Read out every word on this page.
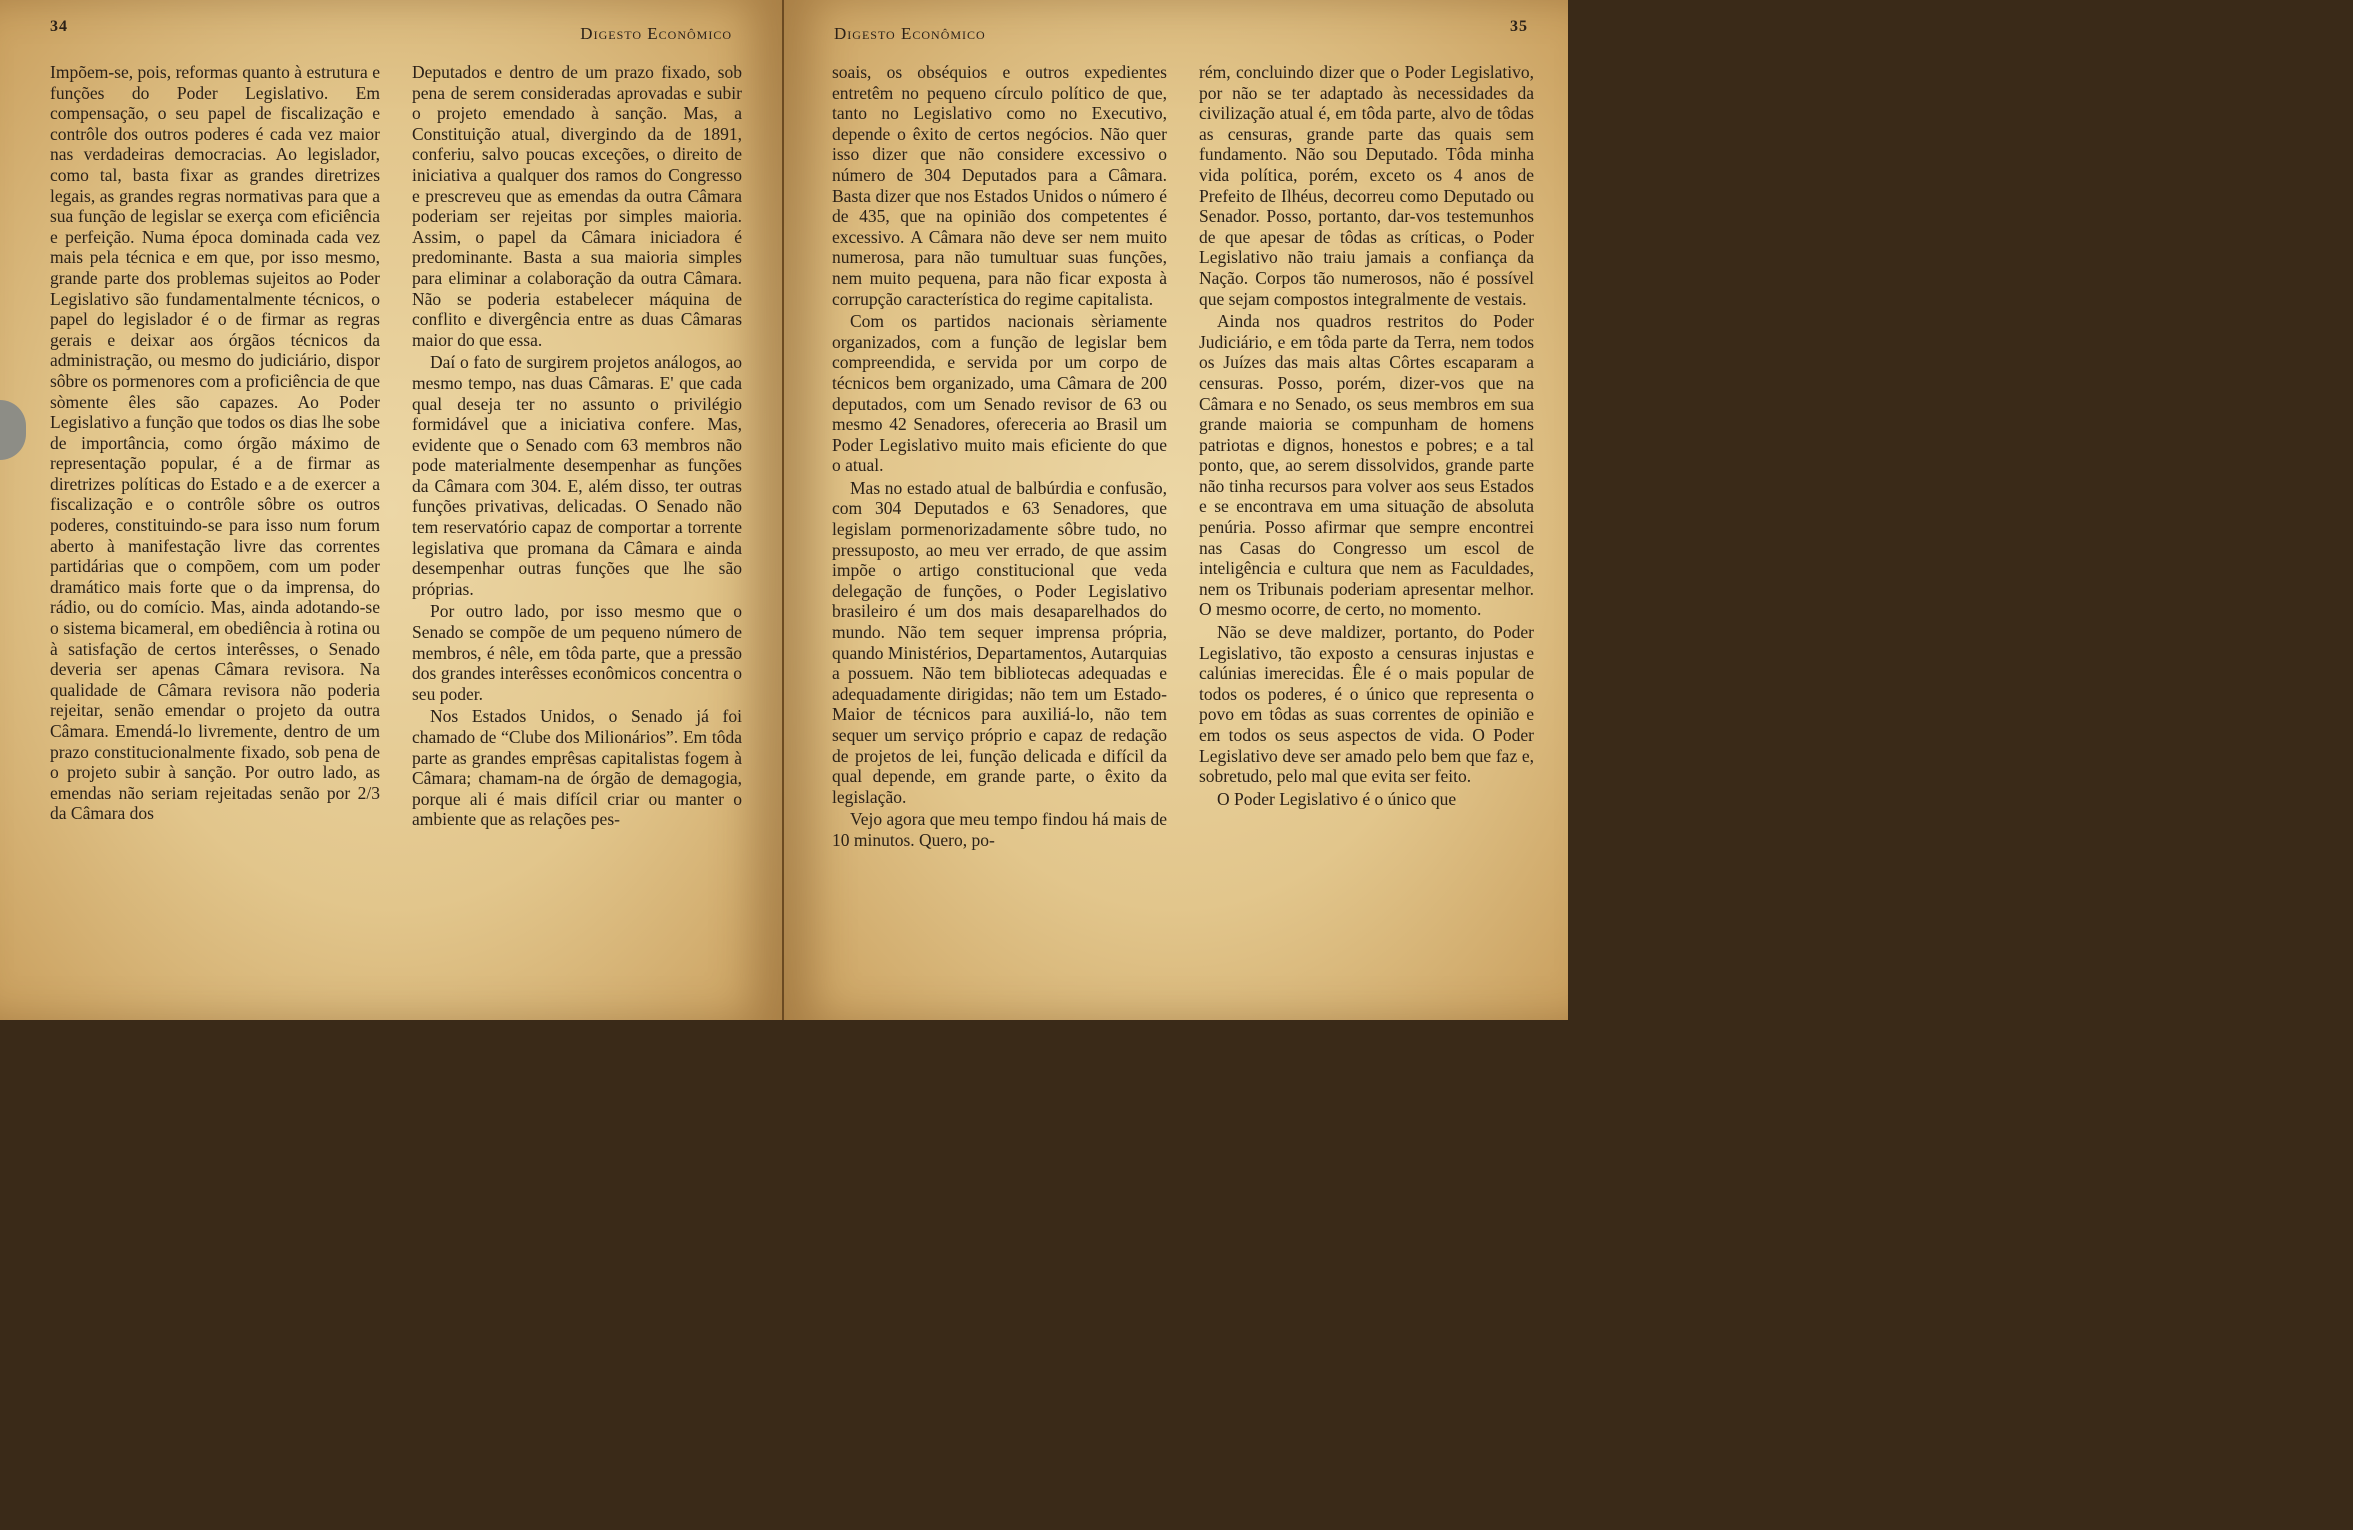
34	Digesto Econômico

Impõem-se, pois, reformas quanto à estrutura e funções do Poder Legislativo. Em compensação, o seu papel de fiscalização e contrôle dos outros poderes é cada vez maior nas verdadeiras democracias. Ao legislador, como tal, basta fixar as grandes diretrizes legais, as grandes regras normativas para que a sua função de legislar se exerça com eficiência e perfeição. Numa época dominada cada vez mais pela técnica e em que, por isso mesmo, grande parte dos problemas sujeitos ao Poder Legislativo são fundamentalmente técnicos, o papel do legislador é o de firmar as regras gerais e deixar aos órgãos técnicos da administração, ou mesmo do judiciário, dispor sôbre os pormenores com a proficiência de que sòmente êles são capazes. Ao Poder Legislativo a função que todos os dias lhe sobe de importância, como órgão máximo de representação popular, é a de firmar as diretrizes políticas do Estado e a de exercer a fiscalização e o contrôle sôbre os outros poderes, constituindo-se para isso num forum aberto à manifestação livre das correntes partidárias que o compõem, com um poder dramático mais forte que o da imprensa, do rádio, ou do comício. Mas, ainda adotando-se o sistema bicameral, em obediência à rotina ou à satisfação de certos interêsses, o Senado deveria ser apenas Câmara revisora. Na qualidade de Câmara revisora não poderia rejeitar, senão emendar o projeto da outra Câmara. Emendá-lo livremente, dentro de um prazo constitucionalmente fixado, sob pena de o projeto subir à sanção. Por outro lado, as emendas não seriam rejeitadas senão por 2/3 da Câmara dos

Deputados e dentro de um prazo fixado, sob pena de serem consideradas aprovadas e subir o projeto emendado à sanção. Mas, a Constituição atual, divergindo da de 1891, conferiu, salvo poucas exceções, o direito de iniciativa a qualquer dos ramos do Congresso e prescreveu que as emendas da outra Câmara poderiam ser rejeitas por simples maioria. Assim, o papel da Câmara iniciadora é predominante. Basta a sua maioria simples para eliminar a colaboração da outra Câmara. Não se poderia estabelecer máquina de conflito e divergência entre as duas Câmaras maior do que essa.

Daí o fato de surgirem projetos análogos, ao mesmo tempo, nas duas Câmaras. E' que cada qual deseja ter no assunto o privilégio formidável que a iniciativa confere. Mas, evidente que o Senado com 63 membros não pode materialmente desempenhar as funções da Câmara com 304. E, além disso, ter outras funções privativas, delicadas. O Senado não tem reservatório capaz de comportar a torrente legislativa que promana da Câmara e ainda desempenhar outras funções que lhe são próprias.

Por outro lado, por isso mesmo que o Senado se compõe de um pequeno número de membros, é nêle, em tôda parte, que a pressão dos grandes interêsses econômicos concentra o seu poder.

Nos Estados Unidos, o Senado já foi chamado de “Clube dos Milionários”. Em tôda parte as grandes emprêsas capitalistas fogem à Câmara; chamam-na de órgão de demagogia, porque ali é mais difícil criar ou manter o ambiente que as relações pes-

Digesto Econômico	35

soais, os obséquios e outros expedientes entretêm no pequeno círculo político de que, tanto no Legislativo como no Executivo, depende o êxito de certos negócios. Não quer isso dizer que não considere excessivo o número de 304 Deputados para a Câmara. Basta dizer que nos Estados Unidos o número é de 435, que na opinião dos competentes é excessivo. A Câmara não deve ser nem muito numerosa, para não tumultuar suas funções, nem muito pequena, para não ficar exposta à corrupção característica do regime capitalista.

Com os partidos nacionais sèriamente organizados, com a função de legislar bem compreendida, e servida por um corpo de técnicos bem organizado, uma Câmara de 200 deputados, com um Senado revisor de 63 ou mesmo 42 Senadores, ofereceria ao Brasil um Poder Legislativo muito mais eficiente do que o atual.

Mas no estado atual de balbúrdia e confusão, com 304 Deputados e 63 Senadores, que legislam pormenorizadamente sôbre tudo, no pressuposto, ao meu ver errado, de que assim impõe o artigo constitucional que veda delegação de funções, o Poder Legislativo brasileiro é um dos mais desaparelhados do mundo. Não tem sequer imprensa própria, quando Ministérios, Departamentos, Autarquias a possuem. Não tem bibliotecas adequadas e adequadamente dirigidas; não tem um Estado-Maior de técnicos para auxiliá-lo, não tem sequer um serviço próprio e capaz de redação de projetos de lei, função delicada e difícil da qual depende, em grande parte, o êxito da legislação.

Vejo agora que meu tempo findou há mais de 10 minutos. Quero, po-

rém, concluindo dizer que o Poder Legislativo, por não se ter adaptado às necessidades da civilização atual é, em tôda parte, alvo de tôdas as censuras, grande parte das quais sem fundamento. Não sou Deputado. Tôda minha vida política, porém, exceto os 4 anos de Prefeito de Ilhéus, decorreu como Deputado ou Senador. Posso, portanto, dar-vos testemunhos de que apesar de tôdas as críticas, o Poder Legislativo não traiu jamais a confiança da Nação. Corpos tão numerosos, não é possível que sejam compostos integralmente de vestais.

Ainda nos quadros restritos do Poder Judiciário, e em tôda parte da Terra, nem todos os Juízes das mais altas Côrtes escaparam a censuras. Posso, porém, dizer-vos que na Câmara e no Senado, os seus membros em sua grande maioria se compunham de homens patriotas e dignos, honestos e pobres; e a tal ponto, que, ao serem dissolvidos, grande parte não tinha recursos para volver aos seus Estados e se encontrava em uma situação de absoluta penúria. Posso afirmar que sempre encontrei nas Casas do Congresso um escol de inteligência e cultura que nem as Faculdades, nem os Tribunais poderiam apresentar melhor. O mesmo ocorre, de certo, no momento.

Não se deve maldizer, portanto, do Poder Legislativo, tão exposto a censuras injustas e calúnias imerecidas. Êle é o mais popular de todos os poderes, é o único que representa o povo em tôdas as suas correntes de opinião e em todos os seus aspectos de vida. O Poder Legislativo deve ser amado pelo bem que faz e, sobretudo, pelo mal que evita ser feito.

O Poder Legislativo é o único que
